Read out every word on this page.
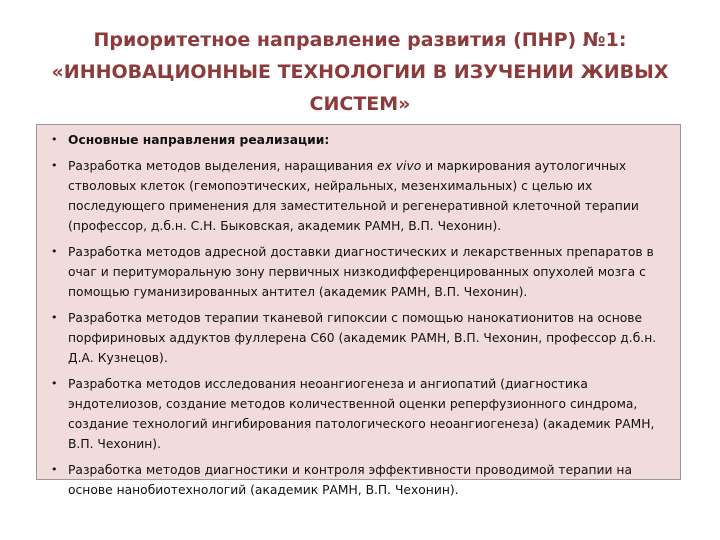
Приоритетное направление развития (ПНР) №1:
«ИННОВАЦИОННЫЕ ТЕХНОЛОГИИ В ИЗУЧЕНИИ ЖИВЫХ
СИСТЕМ»
• Основные направления реализации:
• Разработка методов выделения, наращивания ex vivo и маркирования аутологичных стволовых клеток (гемопоэтических, нейральных, мезенхимальных) с целью их последующего применения для заместительной и регенеративной клеточной терапии (профессор, д.б.н. С.Н. Быковская, академик РАМН, В.П. Чехонин).
• Разработка методов адресной доставки диагностических и лекарственных препаратов в очаг и перитуморальную зону первичных низкодифференцированных опухолей мозга с помощью гуманизированных антител (академик РАМН, В.П. Чехонин).
• Разработка методов терапии тканевой гипоксии с помощью нанокатионитов на основе порфириновых аддуктов фуллерена С60 (академик РАМН, В.П. Чехонин, профессор д.б.н. Д.А. Кузнецов).
• Разработка методов исследования неоангиогенеза и ангиопатий (диагностика эндотелиозов, создание методов количественной оценки реперфузионного синдрома, создание технологий ингибирования патологического неоангиогенеза) (академик РАМН, В.П. Чехонин).
• Разработка методов диагностики и контроля эффективности проводимой терапии на основе нанобиотехнологий (академик РАМН, В.П. Чехонин).
